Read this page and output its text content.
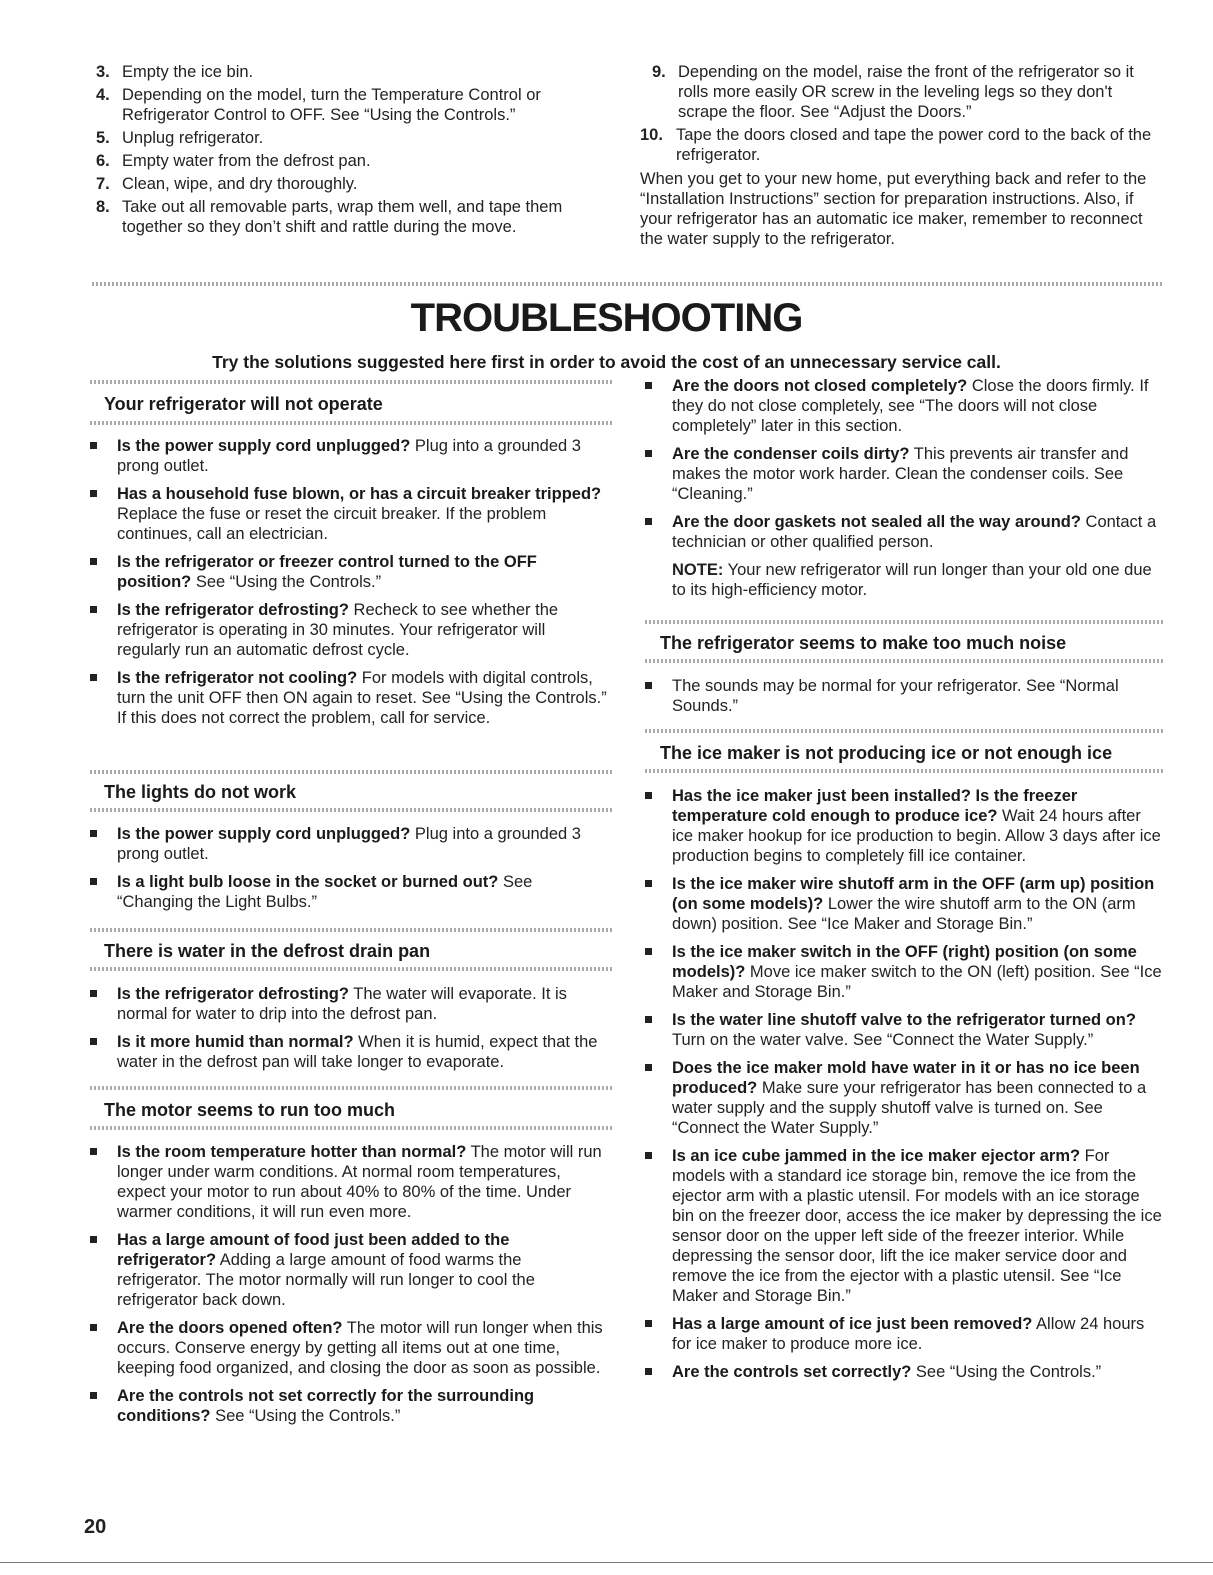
3. Empty the ice bin.
4. Depending on the model, turn the Temperature Control or Refrigerator Control to OFF. See “Using the Controls.”
5. Unplug refrigerator.
6. Empty water from the defrost pan.
7. Clean, wipe, and dry thoroughly.
8. Take out all removable parts, wrap them well, and tape them together so they don’t shift and rattle during the move.
9. Depending on the model, raise the front of the refrigerator so it rolls more easily OR screw in the leveling legs so they don't scrape the floor. See “Adjust the Doors.”
10. Tape the doors closed and tape the power cord to the back of the refrigerator.

When you get to your new home, put everything back and refer to the “Installation Instructions” section for preparation instructions. Also, if your refrigerator has an automatic ice maker, remember to reconnect the water supply to the refrigerator.

TROUBLESHOOTING
Try the solutions suggested here first in order to avoid the cost of an unnecessary service call.
Your refrigerator will not operate
Is the power supply cord unplugged? Plug into a grounded 3 prong outlet.
Has a household fuse blown, or has a circuit breaker tripped? Replace the fuse or reset the circuit breaker. If the problem continues, call an electrician.
Is the refrigerator or freezer control turned to the OFF position? See “Using the Controls.”
Is the refrigerator defrosting? Recheck to see whether the refrigerator is operating in 30 minutes. Your refrigerator will regularly run an automatic defrost cycle.
Is the refrigerator not cooling? For models with digital controls, turn the unit OFF then ON again to reset. See “Using the Controls.” If this does not correct the problem, call for service.
The lights do not work
Is the power supply cord unplugged? Plug into a grounded 3 prong outlet.
Is a light bulb loose in the socket or burned out? See “Changing the Light Bulbs.”
There is water in the defrost drain pan
Is the refrigerator defrosting? The water will evaporate. It is normal for water to drip into the defrost pan.
Is it more humid than normal? When it is humid, expect that the water in the defrost pan will take longer to evaporate.
The motor seems to run too much
Is the room temperature hotter than normal? The motor will run longer under warm conditions. At normal room temperatures, expect your motor to run about 40% to 80% of the time. Under warmer conditions, it will run even more.
Has a large amount of food just been added to the refrigerator? Adding a large amount of food warms the refrigerator. The motor normally will run longer to cool the refrigerator back down.
Are the doors opened often? The motor will run longer when this occurs. Conserve energy by getting all items out at one time, keeping food organized, and closing the door as soon as possible.
Are the controls not set correctly for the surrounding conditions? See “Using the Controls.”
Are the doors not closed completely? Close the doors firmly. If they do not close completely, see “The doors will not close completely” later in this section.
Are the condenser coils dirty? This prevents air transfer and makes the motor work harder. Clean the condenser coils. See “Cleaning.”
Are the door gaskets not sealed all the way around? Contact a technician or other qualified person.
NOTE: Your new refrigerator will run longer than your old one due to its high-efficiency motor.
The refrigerator seems to make too much noise
The sounds may be normal for your refrigerator. See “Normal Sounds.”
The ice maker is not producing ice or not enough ice
Has the ice maker just been installed? Is the freezer temperature cold enough to produce ice? Wait 24 hours after ice maker hookup for ice production to begin. Allow 3 days after ice production begins to completely fill ice container.
Is the ice maker wire shutoff arm in the OFF (arm up) position (on some models)? Lower the wire shutoff arm to the ON (arm down) position. See “Ice Maker and Storage Bin.”
Is the ice maker switch in the OFF (right) position (on some models)? Move ice maker switch to the ON (left) position. See “Ice Maker and Storage Bin.”
Is the water line shutoff valve to the refrigerator turned on? Turn on the water valve. See “Connect the Water Supply.”
Does the ice maker mold have water in it or has no ice been produced? Make sure your refrigerator has been connected to a water supply and the supply shutoff valve is turned on. See “Connect the Water Supply.”
Is an ice cube jammed in the ice maker ejector arm? For models with a standard ice storage bin, remove the ice from the ejector arm with a plastic utensil. For models with an ice storage bin on the freezer door, access the ice maker by depressing the ice sensor door on the upper left side of the freezer interior. While depressing the sensor door, lift the ice maker service door and remove the ice from the ejector with a plastic utensil. See “Ice Maker and Storage Bin.”
Has a large amount of ice just been removed? Allow 24 hours for ice maker to produce more ice.
Are the controls set correctly? See “Using the Controls.”
20
